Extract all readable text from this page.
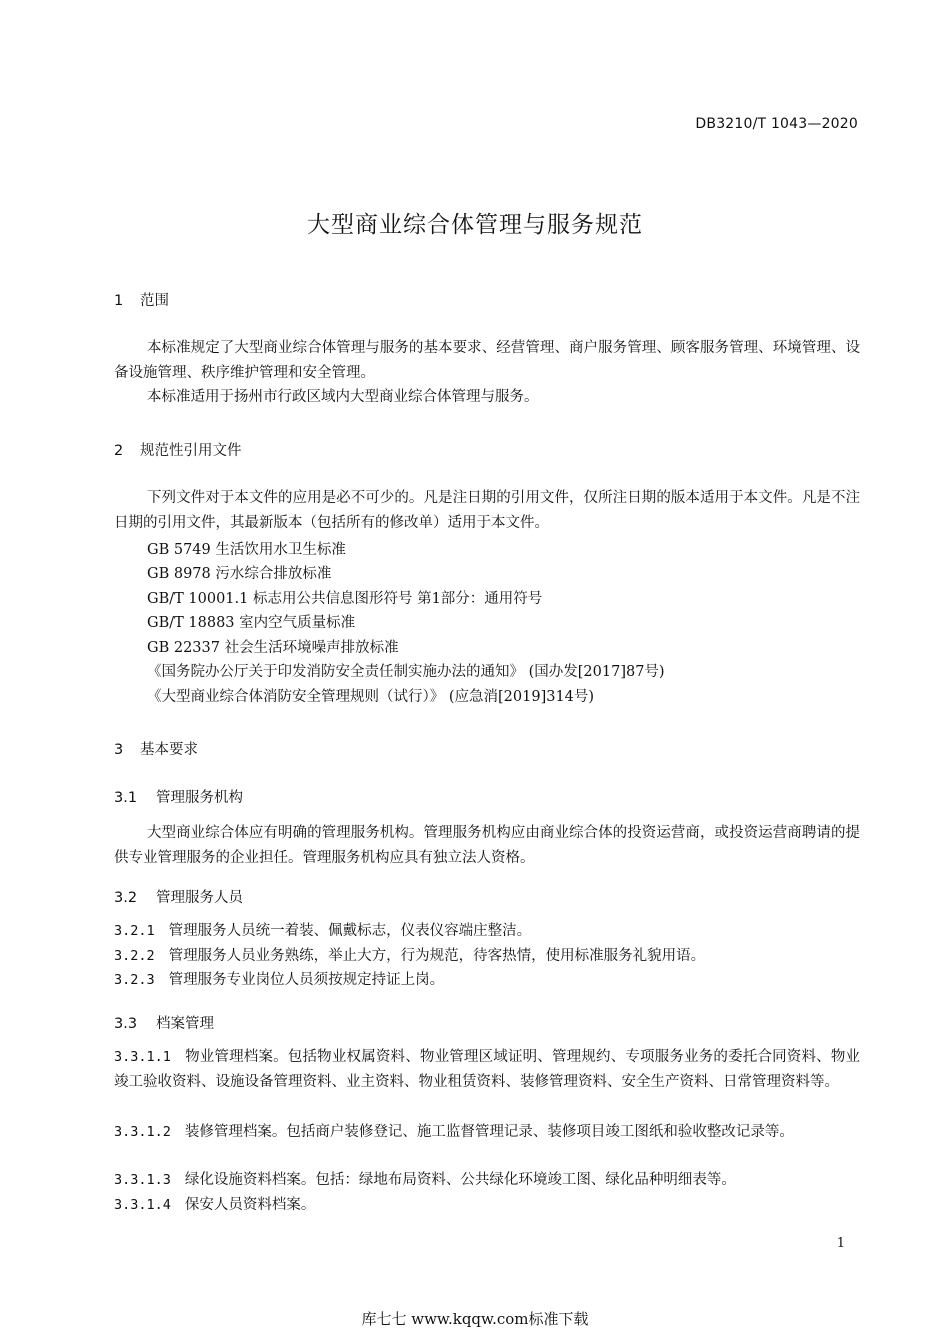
DB3210/T 1043—2020
大型商业综合体管理与服务规范
1 范围
本标准规定了大型商业综合体管理与服务的基本要求、经营管理、商户服务管理、顾客服务管理、环境管理、设备设施管理、秩序维护管理和安全管理。
本标准适用于扬州市行政区域内大型商业综合体管理与服务。
2 规范性引用文件
下列文件对于本文件的应用是必不可少的。凡是注日期的引用文件，仅所注日期的版本适用于本文件。凡是不注日期的引用文件，其最新版本（包括所有的修改单）适用于本文件。
GB 5749 生活饮用水卫生标准
GB 8978 污水综合排放标准
GB/T 10001.1 标志用公共信息图形符号 第1部分：通用符号
GB/T 18883 室内空气质量标准
GB 22337 社会生活环境噪声排放标准
《国务院办公厅关于印发消防安全责任制实施办法的通知》 (国办发[2017]87号)
《大型商业综合体消防安全管理规则（试行）》 (应急消[2019]314号)
3 基本要求
3.1 管理服务机构
大型商业综合体应有明确的管理服务机构。管理服务机构应由商业综合体的投资运营商，或投资运营商聘请的提供专业管理服务的企业担任。管理服务机构应具有独立法人资格。
3.2 管理服务人员
3.2.1 管理服务人员统一着装、佩戴标志，仪表仪容端庄整洁。
3.2.2 管理服务人员业务熟练，举止大方，行为规范，待客热情，使用标准服务礼貌用语。
3.2.3 管理服务专业岗位人员须按规定持证上岗。
3.3 档案管理
3.3.1.1 物业管理档案。包括物业权属资料、物业管理区域证明、管理规约、专项服务业务的委托合同资料、物业竣工验收资料、设施设备管理资料、业主资料、物业租赁资料、装修管理资料、安全生产资料、日常管理资料等。
3.3.1.2 装修管理档案。包括商户装修登记、施工监督管理记录、装修项目竣工图纸和验收整改记录等。
3.3.1.3 绿化设施资料档案。包括：绿地布局资料、公共绿化环境竣工图、绿化品种明细表等。
3.3.1.4 保安人员资料档案。
1
库七七 www.kqqw.com标准下载
